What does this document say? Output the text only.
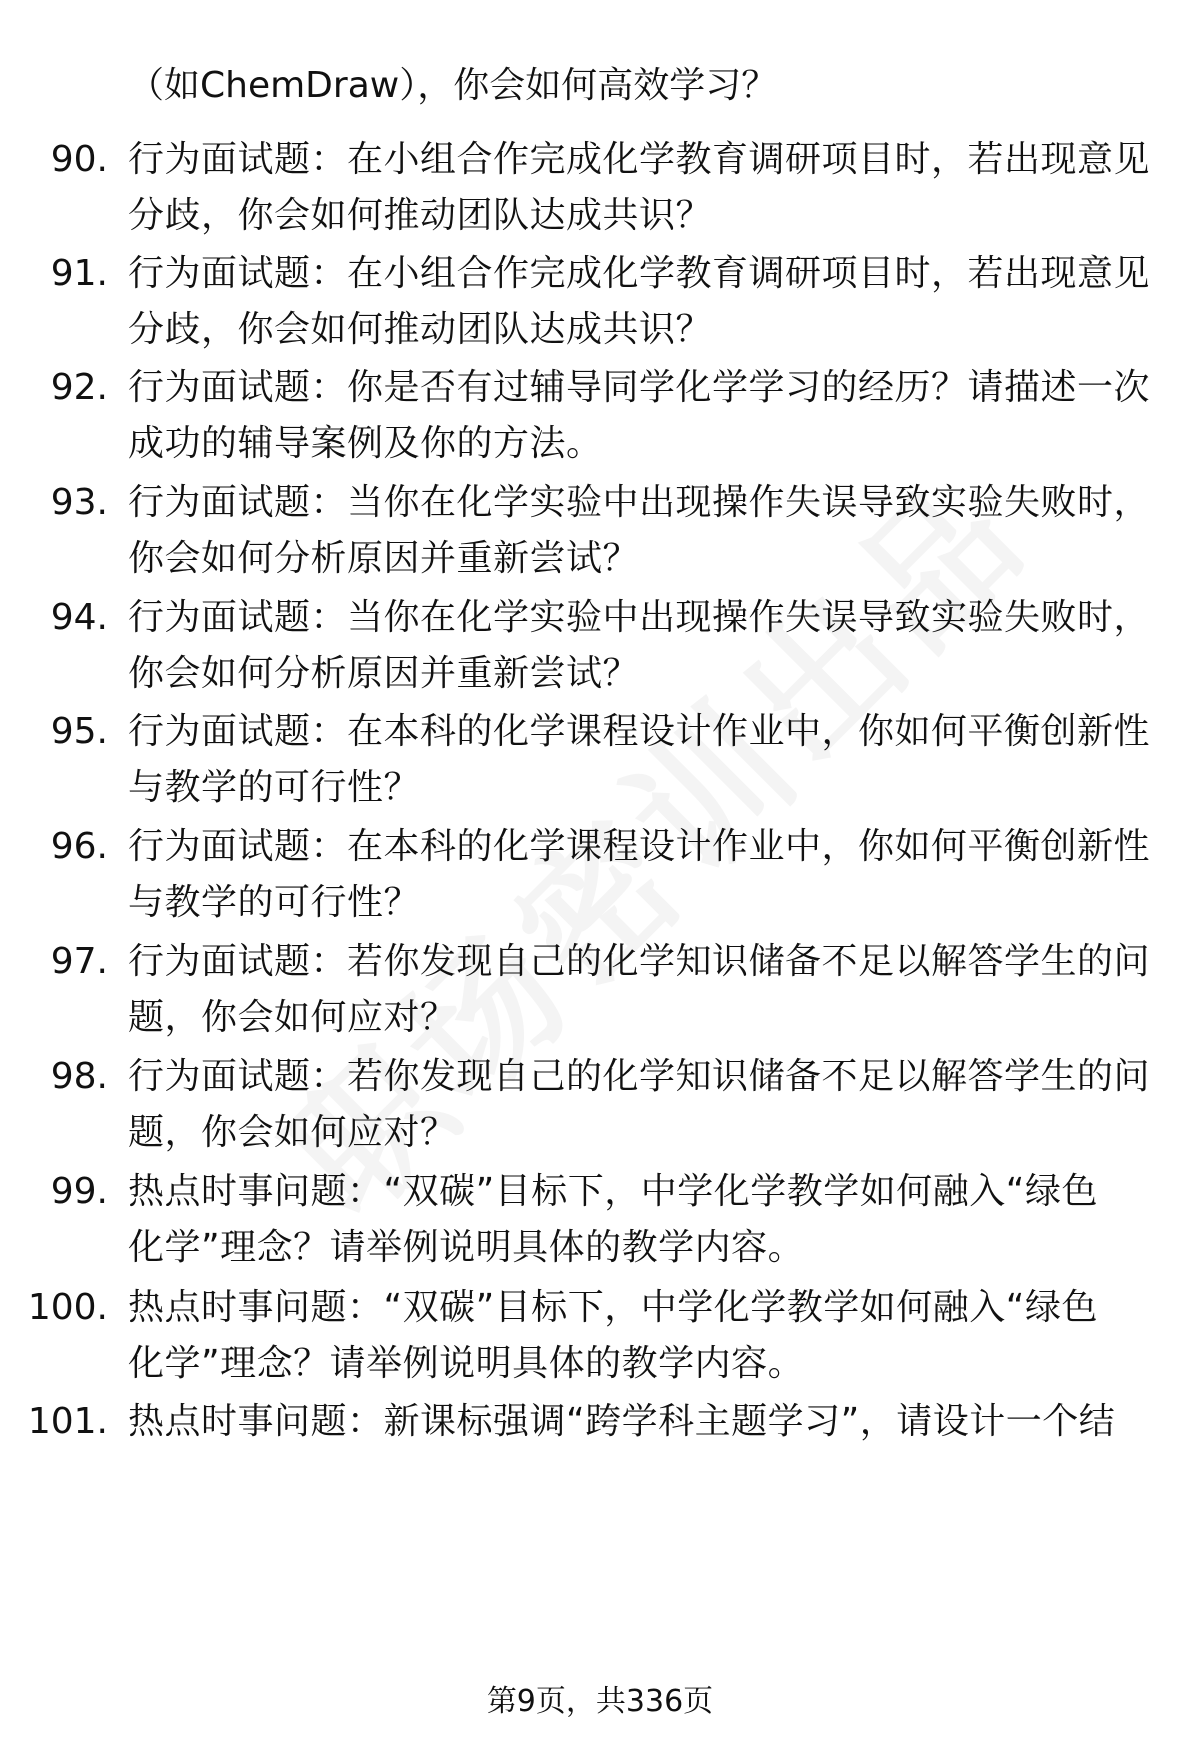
（如ChemDraw），你会如何高效学习？
90. 行为面试题：在小组合作完成化学教育调研项目时，若出现意见
分歧，你会如何推动团队达成共识？
91. 行为面试题：在小组合作完成化学教育调研项目时，若出现意见
分歧，你会如何推动团队达成共识？
92. 行为面试题：你是否有过辅导同学化学学习的经历？请描述一次
成功的辅导案例及你的方法。
93. 行为面试题：当你在化学实验中出现操作失误导致实验失败时，
你会如何分析原因并重新尝试？
94. 行为面试题：当你在化学实验中出现操作失误导致实验失败时，
你会如何分析原因并重新尝试？
95. 行为面试题：在本科的化学课程设计作业中，你如何平衡创新性
与教学的可行性？
96. 行为面试题：在本科的化学课程设计作业中，你如何平衡创新性
与教学的可行性？
97. 行为面试题：若你发现自己的化学知识储备不足以解答学生的问
题，你会如何应对？
98. 行为面试题：若你发现自己的化学知识储备不足以解答学生的问
题，你会如何应对？
99. 热点时事问题：“双碳”目标下，中学化学教学如何融入“绿色
化学”理念？请举例说明具体的教学内容。
100. 热点时事问题：“双碳”目标下，中学化学教学如何融入“绿色
化学”理念？请举例说明具体的教学内容。
101. 热点时事问题：新课标强调“跨学科主题学习”，请设计一个结
第9页，共336页
